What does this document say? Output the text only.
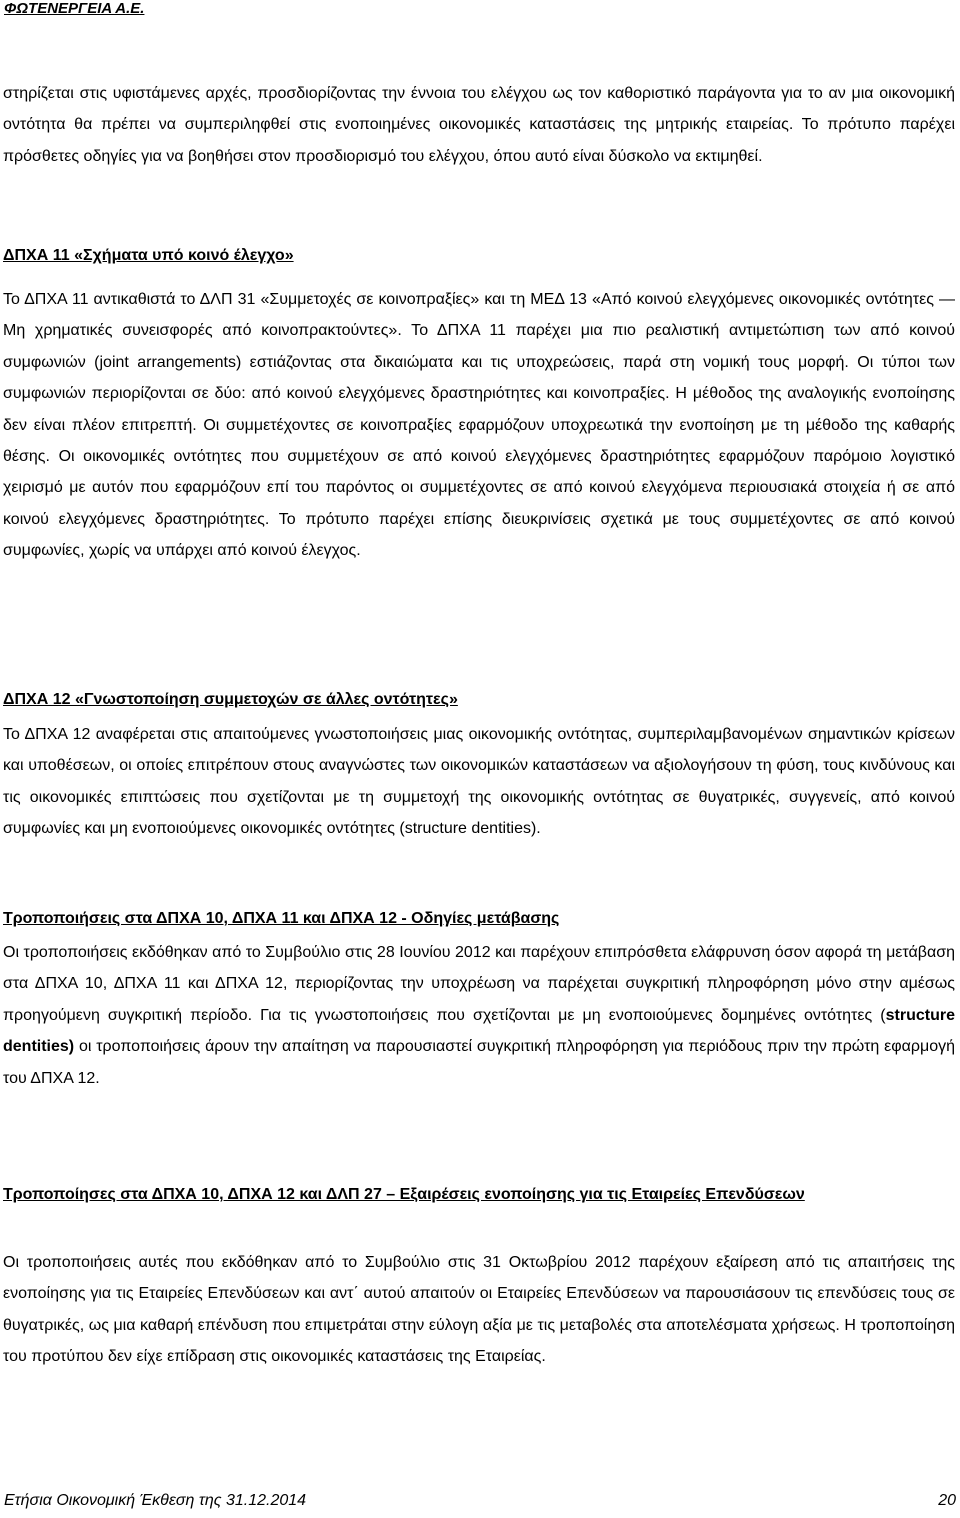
ΦΩΤΕΝΕΡΓΕΙΑ Α.Ε.

στηρίζεται στις υφιστάμενες αρχές, προσδιορίζοντας την έννοια του ελέγχου ως τον καθοριστικό παράγοντα για το αν μια οικονομική οντότητα θα πρέπει να συμπεριληφθεί στις ενοποιημένες οικονομικές καταστάσεις της μητρικής εταιρείας. Το πρότυπο παρέχει πρόσθετες οδηγίες για να βοηθήσει στον προσδιορισμό του ελέγχου, όπου αυτό είναι δύσκολο να εκτιμηθεί.

ΔΠΧΑ 11 «Σχήματα υπό κοινό έλεγχο»

Το ΔΠΧΑ 11 αντικαθιστά το ΔΛΠ 31 «Συμμετοχές σε κοινοπραξίες» και τη ΜΕΔ 13 «Από κοινού ελεγχόμενες οικονομικές οντότητες — Μη χρηματικές συνεισφορές από κοινοπρακτούντες». Το ΔΠΧΑ 11 παρέχει μια πιο ρεαλιστική αντιμετώπιση των από κοινού συμφωνιών (joint arrangements) εστιάζοντας στα δικαιώματα και τις υποχρεώσεις, παρά στη νομική τους μορφή. Οι τύποι των συμφωνιών περιορίζονται σε δύο: από κοινού ελεγχόμενες δραστηριότητες και κοινοπραξίες. Η μέθοδος της αναλογικής ενοποίησης δεν είναι πλέον επιτρεπτή. Οι συμμετέχοντες σε κοινοπραξίες εφαρμόζουν υποχρεωτικά την ενοποίηση με τη μέθοδο της καθαρής θέσης. Οι οικονομικές οντότητες που συμμετέχουν σε από κοινού ελεγχόμενες δραστηριότητες εφαρμόζουν παρόμοιο λογιστικό χειρισμό με αυτόν που εφαρμόζουν επί του παρόντος οι συμμετέχοντες σε από κοινού ελεγχόμενα περιουσιακά στοιχεία ή σε από κοινού ελεγχόμενες δραστηριότητες. Το πρότυπο παρέχει επίσης διευκρινίσεις σχετικά με τους συμμετέχοντες σε από κοινού συμφωνίες, χωρίς να υπάρχει από κοινού έλεγχος.

ΔΠΧΑ 12 «Γνωστοποίηση συμμετοχών σε άλλες οντότητες»

Το ΔΠΧΑ 12 αναφέρεται στις απαιτούμενες γνωστοποιήσεις μιας οικονομικής οντότητας, συμπεριλαμβανομένων σημαντικών κρίσεων και υποθέσεων, οι οποίες επιτρέπουν στους αναγνώστες των οικονομικών καταστάσεων να αξιολογήσουν τη φύση, τους κινδύνους και τις οικονομικές επιπτώσεις που σχετίζονται με τη συμμετοχή της οικονομικής οντότητας σε θυγατρικές, συγγενείς, από κοινού συμφωνίες και μη ενοποιούμενες οικονομικές οντότητες (structure dentities).

Τροποποιήσεις στα ΔΠΧΑ 10, ΔΠΧΑ 11 και ΔΠΧΑ 12 - Οδηγίες μετάβασης

Οι τροποποιήσεις εκδόθηκαν από το Συμβούλιο στις 28 Ιουνίου 2012 και παρέχουν επιπρόσθετα ελάφρυνση όσον αφορά τη μετάβαση στα ΔΠΧΑ 10, ΔΠΧΑ 11 και ΔΠΧΑ 12, περιορίζοντας την υποχρέωση να παρέχεται συγκριτική πληροφόρηση μόνο στην αμέσως προηγούμενη συγκριτική περίοδο. Για τις γνωστοποιήσεις που σχετίζονται με μη ενοποιούμενες δομημένες οντότητες (structure dentities) οι τροποποιήσεις άρουν την απαίτηση να παρουσιαστεί συγκριτική πληροφόρηση για περιόδους πριν την πρώτη εφαρμογή του ΔΠΧΑ 12.

Τροποποίησες στα ΔΠΧΑ 10, ΔΠΧΑ 12 και ΔΛΠ 27 – Εξαιρέσεις ενοποίησης για τις Εταιρείες Επενδύσεων

Οι τροποποιήσεις αυτές που εκδόθηκαν από το Συμβούλιο στις 31 Οκτωβρίου 2012 παρέχουν εξαίρεση από τις απαιτήσεις της ενοποίησης για τις Εταιρείες Επενδύσεων και αντ΄ αυτού απαιτούν οι Εταιρείες Επενδύσεων να παρουσιάσουν τις επενδύσεις τους σε θυγατρικές, ως μια καθαρή επένδυση που επιμετράται στην εύλογη αξία με τις μεταβολές στα αποτελέσματα χρήσεως. Η τροποποίηση του προτύπου δεν είχε επίδραση στις οικονομικές καταστάσεις της Εταιρείας.

Ετήσια Οικονομική Έκθεση της 31.12.2014	20
